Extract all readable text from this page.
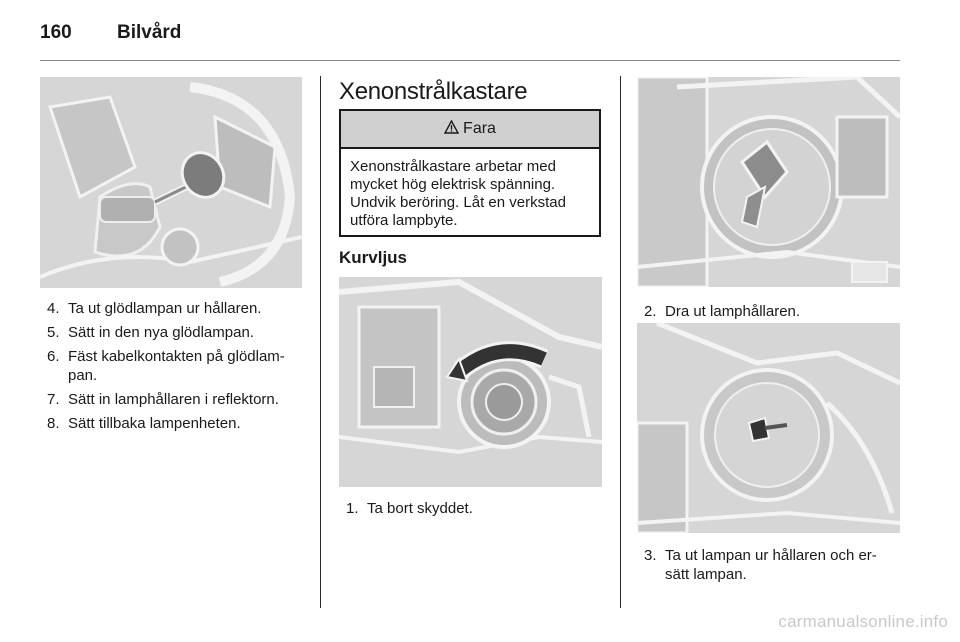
160 Bilvård
4. Ta ut glödlampan ur hållaren.
5. Sätt in den nya glödlampan.
6. Fäst kabelkontakten på glödlam-pan.
7. Sätt in lamphållaren i reflektorn.
8. Sätt tillbaka lampenheten.
Xenonstrålkastare
Fara
Xenonstrålkastare arbetar med mycket hög elektrisk spänning. Undvik beröring. Låt en verkstad utföra lampbyte.
Kurvljus
1. Ta bort skyddet.
2. Dra ut lamphållaren.
3. Ta ut lampan ur hållaren och er-sätt lampan.
carmanualsonline.info
